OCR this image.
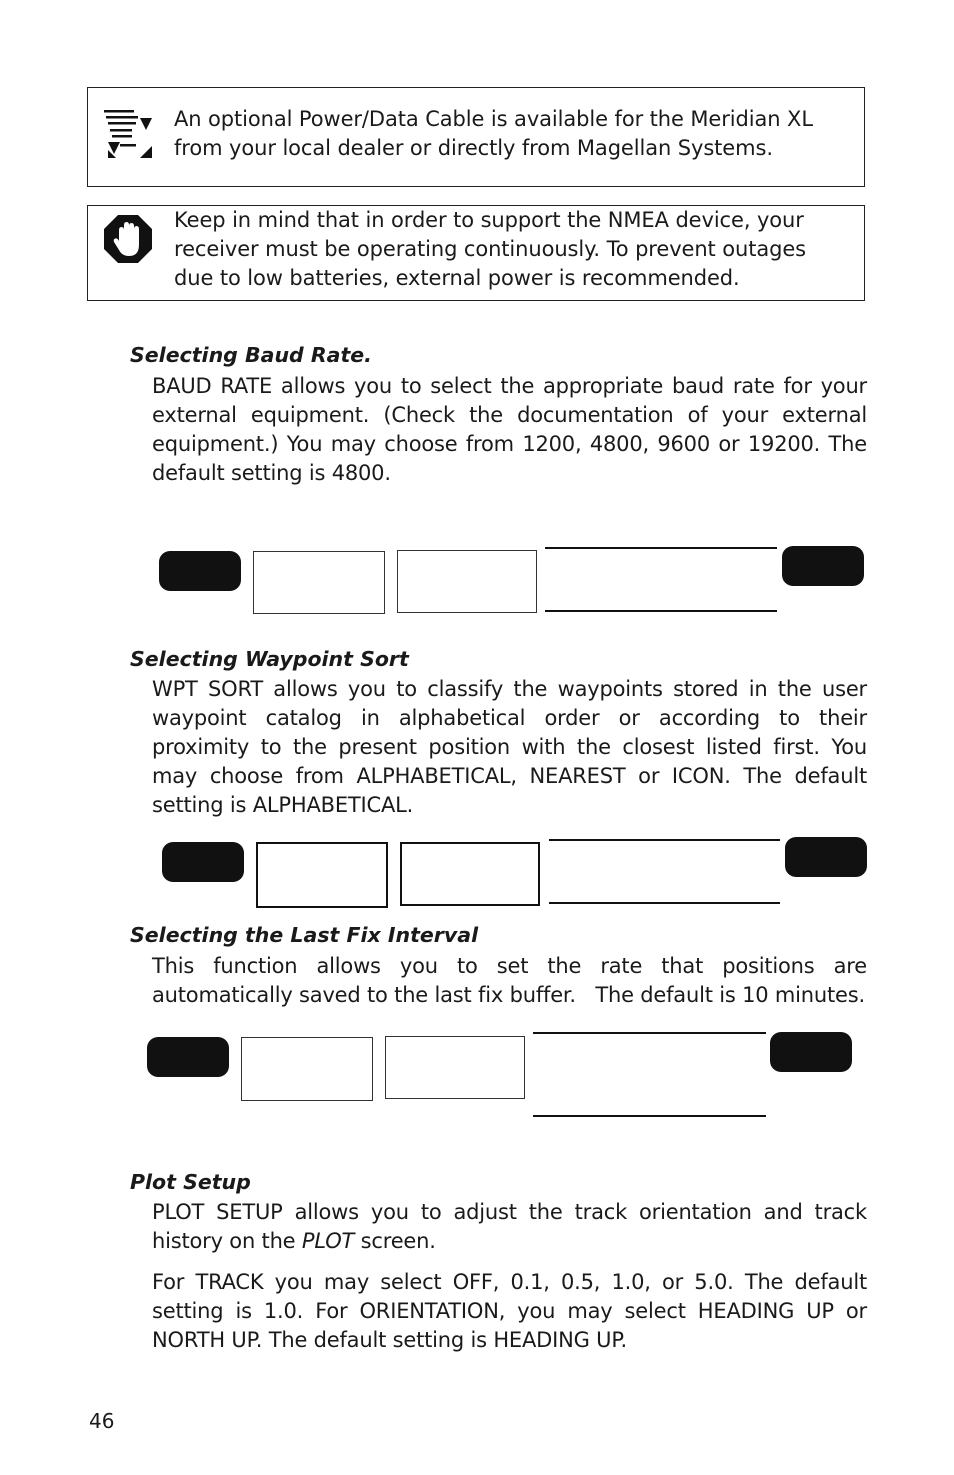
An optional Power/Data Cable is available for the Meridian XL from your local dealer or directly from Magellan Systems.
Keep in mind that in order to support the NMEA device, your receiver must be operating continuously. To prevent outages due to low batteries, external power is recommended.
Selecting Baud Rate.
BAUD RATE allows you to select the appropriate baud rate for your external equipment. (Check the documentation of your external equipment.) You may choose from 1200, 4800, 9600 or 19200. The default setting is 4800.
Selecting Waypoint Sort
WPT SORT allows you to classify the waypoints stored in the user waypoint catalog in alphabetical order or according to their proximity to the present position with the closest listed first. You may choose from ALPHABETICAL, NEAREST or ICON. The default setting is ALPHABETICAL.
Selecting the Last Fix Interval
This function allows you to set the rate that positions are automatically saved to the last fix buffer.   The default is 10 minutes.
Plot Setup
PLOT SETUP allows you to adjust the track orientation and track history on the PLOT screen.
For TRACK you may select OFF, 0.1, 0.5, 1.0, or 5.0. The default setting is 1.0. For ORIENTATION, you may select HEADING UP or NORTH UP. The default setting is HEADING UP.
46
